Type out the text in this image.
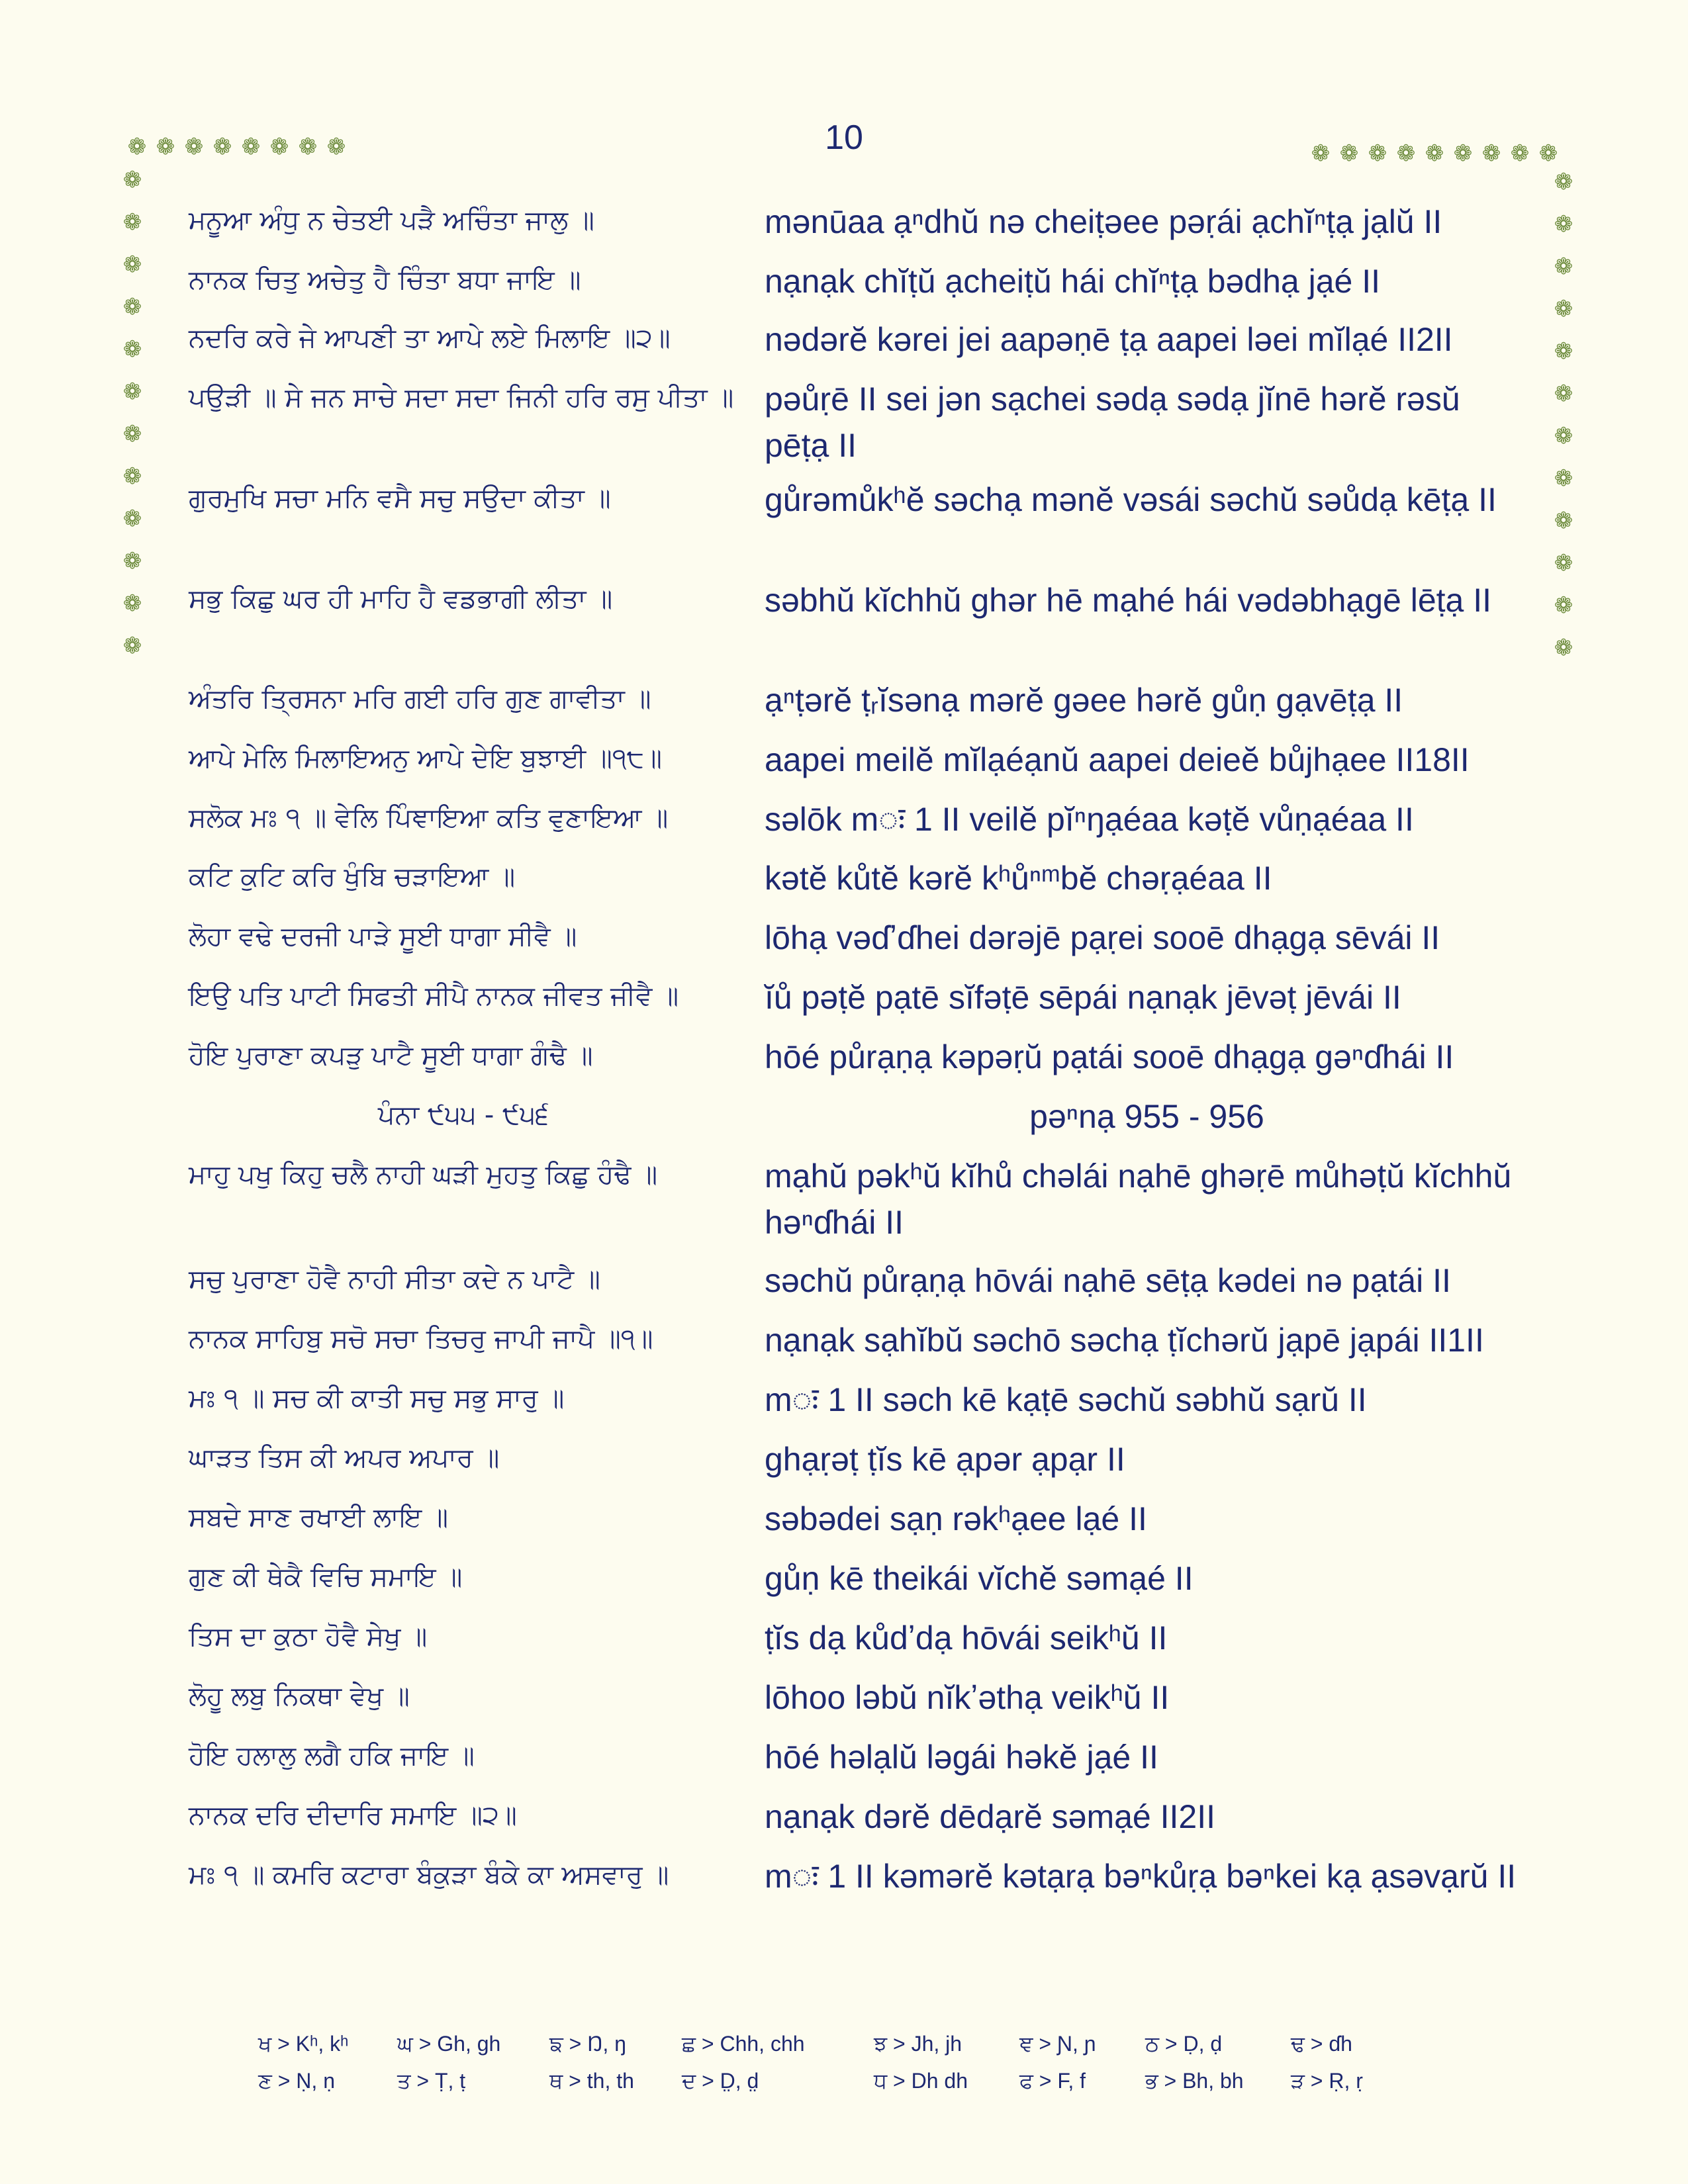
10
❁ ❁ ❁ ❁ ❁ ❁ ❁ ❁	❁ ❁ ❁ ❁ ❁ ❁ ❁ ❁ ❁
❁
❁
❁
❁
❁
❁
❁
❁
❁
❁
❁
❁
❁
❁
❁
❁
❁
❁
❁
❁
❁
❁
❁
❁
ਮਨੂਆ ਅੰਧੁ ਨ ਚੇਤਈ ਪੜੈ ਅਚਿੰਤਾ ਜਾਲੁ ॥	mənūaa ạⁿdhŭ nə cheiṭəee pəṛái ạchĭⁿṭạ jạlŭ II
ਨਾਨਕ ਚਿਤੁ ਅਚੇਤੁ ਹੈ ਚਿੰਤਾ ਬਧਾ ਜਾਇ ॥	nạnạk chĭṭŭ ạcheiṭŭ hái chĭⁿṭạ bədhạ jạé II
ਨਦਰਿ ਕਰੇ ਜੇ ਆਪਣੀ ਤਾ ਆਪੇ ਲਏ ਮਿਲਾਇ ॥੨॥	nədərĕ kərei jei aapəṇē ṭạ aapei ləei mĭlạé II2II
ਪਉੜੀ ॥ ਸੇ ਜਨ ਸਾਚੇ ਸਦਾ ਸਦਾ ਜਿਨੀ ਹਰਿ ਰਸੁ ਪੀਤਾ ॥ pəůṛē II sei jən sạchei sədạ sədạ jĭnē hərĕ rəsŭ pēṭạ II
ਗੁਰਮੁਖਿ ਸਚਾ ਮਨਿ ਵਸੈ ਸਚੁ ਸਉਦਾ ਕੀਤਾ ॥	gůrəmůkʰĕ səchạ mənĕ vəsái səchŭ səůdạ kēṭạ II
ਸਭੁ ਕਿਛੁ ਘਰ ਹੀ ਮਾਹਿ ਹੈ ਵਡਭਾਗੀ ਲੀਤਾ ॥	səbhŭ kĭchhŭ ghər hē mạhé hái vədəbhạgē lēṭạ II
ਅੰਤਰਿ ਤ੍ਰਿਸਨਾ ਮਰਿ ਗਈ ਹਰਿ ਗੁਣ ਗਾਵੀਤਾ ॥	ạⁿṭərĕ ṭᵣĭsənạ mərĕ gəee hərĕ gůṇ gạvēṭạ II
ਆਪੇ ਮੇਲਿ ਮਿਲਾਇਅਨੁ ਆਪੇ ਦੇਇ ਬੁਝਾਈ ॥੧੮॥	aapei meilĕ mĭlạéạnŭ aapei deieĕ bůjhạee II18II
ਸਲੋਕ ਮਃ ੧ ॥ ਵੇਲਿ ਪਿੰਞਾਇਆ ਕਤਿ ਵੁਣਾਇਆ ॥	səlōk mः 1 II veilĕ pĭⁿŋạéaa kəṭĕ vůṇạéaa II
ਕਟਿ ਕੁਟਿ ਕਰਿ ਖੁੰਬਿ ਚੜਾਇਆ ॥	kətĕ kůtĕ kərĕ kʰůⁿᵐbĕ chəṛạéaa II
ਲੋਹਾ ਵਢੇ ਦਰਜੀ ਪਾੜੇ ਸੂਈ ਧਾਗਾ ਸੀਵੈ ॥	lōhạ vəɗʼɗhei dərəjē pạṛei sooē dhạgạ sēvái II
ਇਉ ਪਤਿ ਪਾਟੀ ਸਿਫਤੀ ਸੀਪੈ ਨਾਨਕ ਜੀਵਤ ਜੀਵੈ ॥	ĭů pəṭĕ pạtē sĭfəṭē sēpái nạnạk jēvəṭ jēvái II
ਹੋਇ ਪੁਰਾਣਾ ਕਪੜੁ ਪਾਟੈ ਸੂਈ ਧਾਗਾ ਗੰਢੈ ॥	hōé půrạṇạ kəpəṛŭ pạtái sooē dhạgạ gəⁿɗhái II
ਪੰਨਾ ੯੫੫ - ੯੫੬	pəⁿnạ 955 - 956
ਮਾਹੁ ਪਖੁ ਕਿਹੁ ਚਲੈ ਨਾਹੀ ਘੜੀ ਮੁਹਤੁ ਕਿਛੁ ਹੰਢੈ ॥	mạhŭ pəkʰŭ kĭhů chəlái nạhē ghəṛē můhəṭŭ kĭchhŭ həⁿɗhái II
ਸਚੁ ਪੁਰਾਣਾ ਹੋਵੈ ਨਾਹੀ ਸੀਤਾ ਕਦੇ ਨ ਪਾਟੈ ॥	səchŭ půrạṇạ hōvái nạhē sēṭạ kədei nə pạtái II
ਨਾਨਕ ਸਾਹਿਬੁ ਸਚੋ ਸਚਾ ਤਿਚਰੁ ਜਾਪੀ ਜਾਪੈ ॥੧॥	nạnạk sạhĭbŭ səchō səchạ ṭĭchərŭ jạpē jạpái II1II
ਮਃ ੧ ॥ ਸਚ ਕੀ ਕਾਤੀ ਸਚੁ ਸਭੁ ਸਾਰੁ ॥	mः 1 II səch kē kạṭē səchŭ səbhŭ sạrŭ II
ਘਾੜਤ ਤਿਸ ਕੀ ਅਪਰ ਅਪਾਰ ॥	ghạṛəṭ ṭĭs kē ạpər ạpạr II
ਸਬਦੇ ਸਾਣ ਰਖਾਈ ਲਾਇ ॥	səbədei sạṇ rəkʰạee lạé II
ਗੁਣ ਕੀ ਥੇਕੈ ਵਿਚਿ ਸਮਾਇ ॥	gůṇ kē theikái vĭchĕ səmạé II
ਤਿਸ ਦਾ ਕੁਠਾ ਹੋਵੈ ਸੇਖੁ ॥	ṭĭs dạ kůdʼdạ hōvái seikʰŭ II
ਲੋਹੂ ਲਬੁ ਨਿਕਥਾ ਵੇਖੁ ॥	lōhoo ləbŭ nĭkʼəthạ veikʰŭ II
ਹੋਇ ਹਲਾਲੁ ਲਗੈ ਹਕਿ ਜਾਇ ॥	hōé həlạlŭ ləgái həkĕ jạé II
ਨਾਨਕ ਦਰਿ ਦੀਦਾਰਿ ਸਮਾਇ ॥੨॥	nạnạk dərĕ dēdạrĕ səmạé II2II
ਮਃ ੧ ॥ ਕਮਰਿ ਕਟਾਰਾ ਬੰਕੁੜਾ ਬੰਕੇ ਕਾ ਅਸਵਾਰੁ ॥	mः 1 II kəmərĕ kətạrạ bəⁿkůṛạ bəⁿkei kạ ạsəvạrŭ II
ਖ > Kʰ, kʰ ਘ > Gh, gh ਙ > Ŋ, ŋ	ਛ > Chh, chh	ਝ > Jh, jh	ਞ > Ɲ, ɲ ਠ > Ḍ, ḍ	ਢ > ɗh
ਣ > Ṇ, ṇ	ਤ > Ṭ, ṭ	ਥ > th, th ਦ > D̤, d̤	ਧ > Dh dh ਫ > F, f	ਭ > Bh, bh ੜ > Ṛ, ṛ
